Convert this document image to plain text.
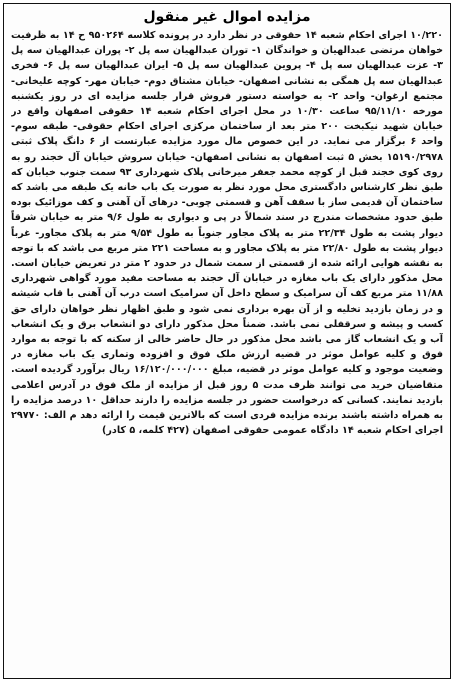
مزایده اموال غیر منقول

۱۰/۲۲۰ اجرای احکام شعبه ۱۴ حقوقی در نظر دارد در پرونده کلاسه ۹۵۰۲۶۴ ح ۱۴ به ظرفیت خواهان مرتضی عبدالهیان و خواندگان ۱- توران عبدالهیان سه پل ۲- پوران عبدالهیان سه پل ۳- عزت عبدالهیان سه پل ۴- پروین عبدالهیان سه پل ۵- ایران عبدالهیان سه پل ۶- فخری عبدالهیان سه پل همگی به نشانی اصفهان- خیابان مشتاق دوم- خیابان مهر- کوچه علیخانی- مجتمع ارغوان- واحد ۲- به خواسته دستور فروش قرار جلسه مزایده ای در روز یکشنبه مورخه ۹۵/۱۱/۱۰ ساعت ۱۰/۳۰ در محل اجرای احکام شعبه ۱۴ حقوقی اصفهان واقع در خیابان شهید نیکبخت ۲۰۰ متر بعد از ساختمان مرکزی اجرای احکام حقوقی- طبقه سوم- واحد ۶ برگزار می نماید. در این خصوص مال مورد مزایده عبارتست از ۶ دانگ پلاک ثبتی ۱۵۱۹۰/۲۹۷۸ بخش ۵ ثبت اصفهان به نشانی اصفهان- خیابان سروش خیابان آل خجند رو به روی کوی خجند قبل از کوچه محمد جعفر میرخانی پلاک شهرداری ۹۳ سمت جنوب خیابان که طبق نظر کارشناس دادگستری محل مورد نظر به صورت یک باب خانه یک طبقه می باشد که ساختمان آن قدیمی ساز با سقف آهن و قسمتی چوبی- درهای آن آهنی و کف موزائیک بوده طبق حدود مشخصات مندرج در سند شمالاً در پی و دیواری به طول ۹/۶ متر به خیابان شرقاً دیوار پشت به طول ۲۲/۳۴ متر به پلاک مجاور جنوباً به طول ۹/۵۴ متر به پلاک مجاور- غرباً دیوار پشت به طول ۲۲/۸۰ متر به پلاک مجاور و به مساحت ۲۲۱ متر مربع می باشد که با توجه به نقشه هوایی ارائه شده از قسمتی از سمت شمال در حدود ۲ متر در تعریض خیابان است. محل مذکور دارای یک باب مغازه در خیابان آل خجند به مساحت مفید مورد گواهی شهرداری ۱۱/۸۸ متر مربع کف آن سرامیک و سطح داخل آن سرامیک است درب آن آهنی با قاب شیشه و در زمان بازدید تخلیه و از آن بهره برداری نمی شود و طبق اظهار نظر خواهان دارای حق کسب و پیشه و سرقفلی نمی باشد. ضمناً محل مذکور دارای دو انشعاب برق و یک انشعاب آب و یک انشعاب گاز می باشد محل مذکور در حال حاضر خالی از سکنه که با توجه به موارد فوق و کلیه عوامل موثر در قضیه ارزش ملک فوق و افزوده وتماری یک باب مغازه در وضعیت موجود و کلیه عوامل موثر در قضیه، مبلغ ۱۶/۱۲۰/۰۰۰/۰۰۰ ریال برآورد گردیده است. متقاضیان خرید می توانند ظرف مدت ۵ روز قبل از مزایده از ملک فوق در آدرس اعلامی بازدید نمایند. کسانی که درخواست حضور در جلسه مزایده را دارند حداقل ۱۰ درصد مزایده را به همراه داشته باشند برنده مزایده فردی است که بالاترین قیمت را ارائه دهد م الف: ۲۹۷۷۰ اجرای احکام شعبه ۱۴ دادگاه عمومی حقوقی اصفهان (۴۲۷ کلمه، ۵ کادر)
